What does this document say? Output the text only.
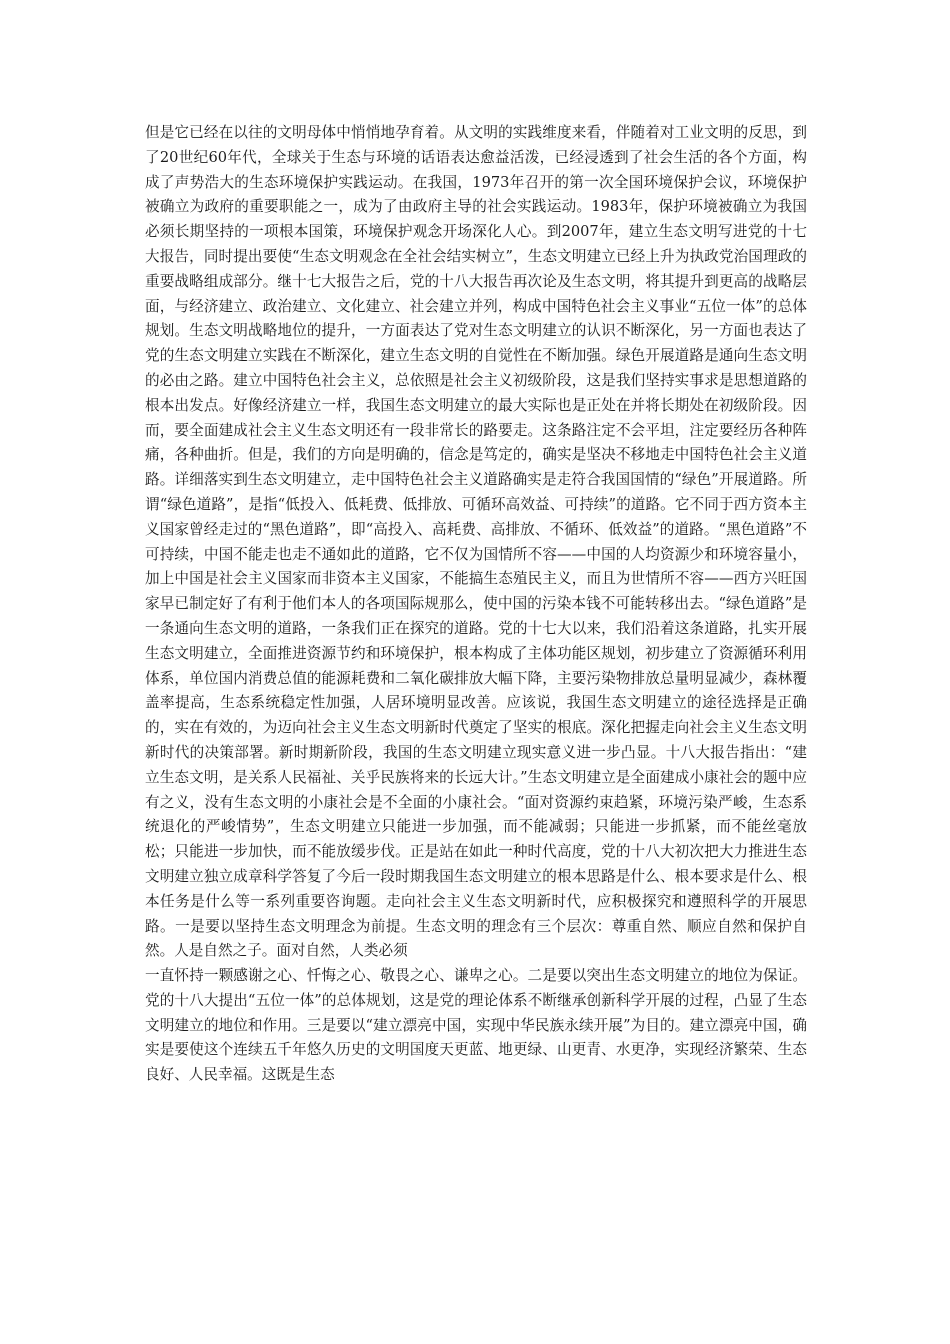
但是它已经在以往的文明母体中悄悄地孕育着。从文明的实践维度来看，伴随着对工业文明的反思，到了20世纪60年代，全球关于生态与环境的话语表达愈益活泼，已经浸透到了社会生活的各个方面，构成了声势浩大的生态环境保护实践运动。在我国，1973年召开的第一次全国环境保护会议，环境保护被确立为政府的重要职能之一，成为了由政府主导的社会实践运动。1983年，保护环境被确立为我国必须长期坚持的一项根本国策，环境保护观念开场深化人心。到2007年，建立生态文明写进党的十七大报告，同时提出要使“生态文明观念在全社会结实树立”，生态文明建立已经上升为执政党治国理政的重要战略组成部分。继十七大报告之后，党的十八大报告再次论及生态文明，将其提升到更高的战略层面，与经济建立、政治建立、文化建立、社会建立并列，构成中国特色社会主义事业“五位一体”的总体规划。生态文明战略地位的提升，一方面表达了党对生态文明建立的认识不断深化，另一方面也表达了党的生态文明建立实践在不断深化，建立生态文明的自觉性在不断加强。绿色开展道路是通向生态文明的必由之路。建立中国特色社会主义，总依照是社会主义初级阶段，这是我们坚持实事求是思想道路的根本出发点。好像经济建立一样，我国生态文明建立的最大实际也是正处在并将长期处在初级阶段。因而，要全面建成社会主义生态文明还有一段非常长的路要走。这条路注定不会平坦，注定要经历各种阵痛，各种曲折。但是，我们的方向是明确的，信念是笃定的，确实是坚决不移地走中国特色社会主义道路。详细落实到生态文明建立，走中国特色社会主义道路确实是走符合我国国情的“绿色”开展道路。所谓“绿色道路”，是指“低投入、低耗费、低排放、可循环高效益、可持续”的道路。它不同于西方资本主义国家曾经走过的“黑色道路”，即“高投入、高耗费、高排放、不循环、低效益”的道路。“黑色道路”不可持续，中国不能走也走不通如此的道路，它不仅为国情所不容——中国的人均资源少和环境容量小，加上中国是社会主义国家而非资本主义国家，不能搞生态殖民主义，而且为世情所不容——西方兴旺国家早已制定好了有利于他们本人的各项国际规那么，使中国的污染本钱不可能转移出去。“绿色道路”是一条通向生态文明的道路，一条我们正在探究的道路。党的十七大以来，我们沿着这条道路，扎实开展生态文明建立，全面推进资源节约和环境保护，根本构成了主体功能区规划，初步建立了资源循环利用体系，单位国内消费总值的能源耗费和二氧化碳排放大幅下降，主要污染物排放总量明显减少，森林覆盖率提高，生态系统稳定性加强，人居环境明显改善。应该说，我国生态文明建立的途径选择是正确的，实在有效的，为迈向社会主义生态文明新时代奠定了坚实的根底。深化把握走向社会主义生态文明新时代的决策部署。新时期新阶段，我国的生态文明建立现实意义进一步凸显。十八大报告指出：“建立生态文明，是关系人民福祉、关乎民族将来的长远大计。”生态文明建立是全面建成小康社会的题中应有之义，没有生态文明的小康社会是不全面的小康社会。“面对资源约束趋紧，环境污染严峻，生态系统退化的严峻情势”，生态文明建立只能进一步加强，而不能减弱；只能进一步抓紧，而不能丝毫放松；只能进一步加快，而不能放缓步伐。正是站在如此一种时代高度，党的十八大初次把大力推进生态文明建立独立成章科学答复了今后一段时期我国生态文明建立的根本思路是什么、根本要求是什么、根本任务是什么等一系列重要咨询题。走向社会主义生态文明新时代，应积极探究和遵照科学的开展思路。一是要以坚持生态文明理念为前提。生态文明的理念有三个层次：尊重自然、顺应自然和保护自然。人是自然之子。面对自然，人类必须

一直怀持一颗感谢之心、忏悔之心、敬畏之心、谦卑之心。二是要以突出生态文明建立的地位为保证。党的十八大提出“五位一体”的总体规划，这是党的理论体系不断继承创新科学开展的过程，凸显了生态文明建立的地位和作用。三是要以“建立漂亮中国，实现中华民族永续开展”为目的。建立漂亮中国，确实是要使这个连续五千年悠久历史的文明国度天更蓝、地更绿、山更青、水更净，实现经济繁荣、生态良好、人民幸福。这既是生态
